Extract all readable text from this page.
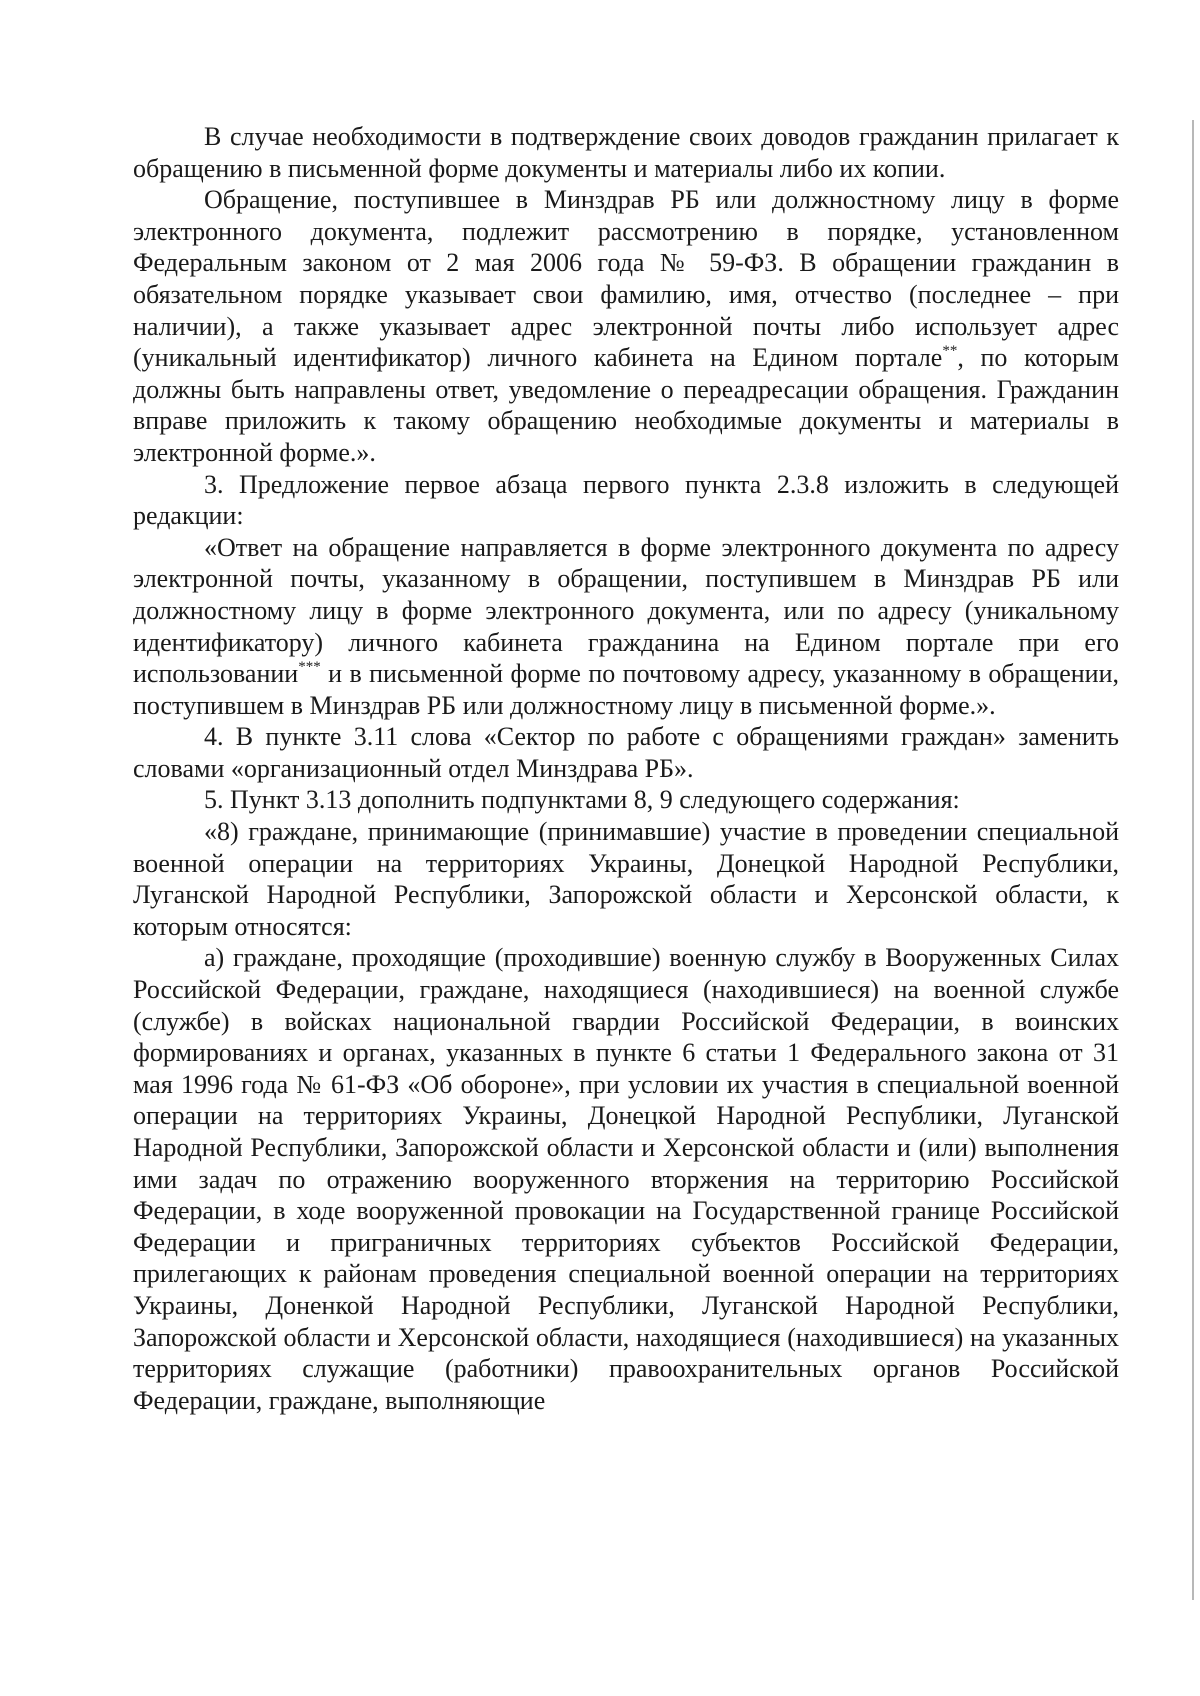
В случае необходимости в подтверждение своих доводов гражданин прилагает к обращению в письменной форме документы и материалы либо их копии.

Обращение, поступившее в Минздрав РБ или должностному лицу в форме электронного документа, подлежит рассмотрению в порядке, установленном Федеральным законом от 2 мая 2006 года № 59-ФЗ. В обращении гражданин в обязательном порядке указывает свои фамилию, имя, отчество (последнее – при наличии), а также указывает адрес электронной почты либо использует адрес (уникальный идентификатор) личного кабинета на Едином портале**, по которым должны быть направлены ответ, уведомление о переадресации обращения. Гражданин вправе приложить к такому обращению необходимые документы и материалы в электронной форме.».

3. Предложение первое абзаца первого пункта 2.3.8 изложить в следующей редакции:

«Ответ на обращение направляется в форме электронного документа по адресу электронной почты, указанному в обращении, поступившем в Минздрав РБ или должностному лицу в форме электронного документа, или по адресу (уникальному идентификатору) личного кабинета гражданина на Едином портале при его использовании*** и в письменной форме по почтовому адресу, указанному в обращении, поступившем в Минздрав РБ или должностному лицу в письменной форме.».

4. В пункте 3.11 слова «Сектор по работе с обращениями граждан» заменить словами «организационный отдел Минздрава РБ».

5. Пункт 3.13 дополнить подпунктами 8, 9 следующего содержания:

«8) граждане, принимающие (принимавшие) участие в проведении специальной военной операции на территориях Украины, Донецкой Народной Республики, Луганской Народной Республики, Запорожской области и Херсонской области, к которым относятся:

а) граждане, проходящие (проходившие) военную службу в Вооруженных Силах Российской Федерации, граждане, находящиеся (находившиеся) на военной службе (службе) в войсках национальной гвардии Российской Федерации, в воинских формированиях и органах, указанных в пункте 6 статьи 1 Федерального закона от 31 мая 1996 года № 61-ФЗ «Об обороне», при условии их участия в специальной военной операции на территориях Украины, Донецкой Народной Республики, Луганской Народной Республики, Запорожской области и Херсонской области и (или) выполнения ими задач по отражению вооруженного вторжения на территорию Российской Федерации, в ходе вооруженной провокации на Государственной границе Российской Федерации и приграничных территориях субъектов Российской Федерации, прилегающих к районам проведения специальной военной операции на территориях Украины, Доненкой Народной Республики, Луганской Народной Республики, Запорожской области и Херсонской области, находящиеся (находившиеся) на указанных территориях служащие (работники) правоохранительных органов Российской Федерации, граждане, выполняющие
